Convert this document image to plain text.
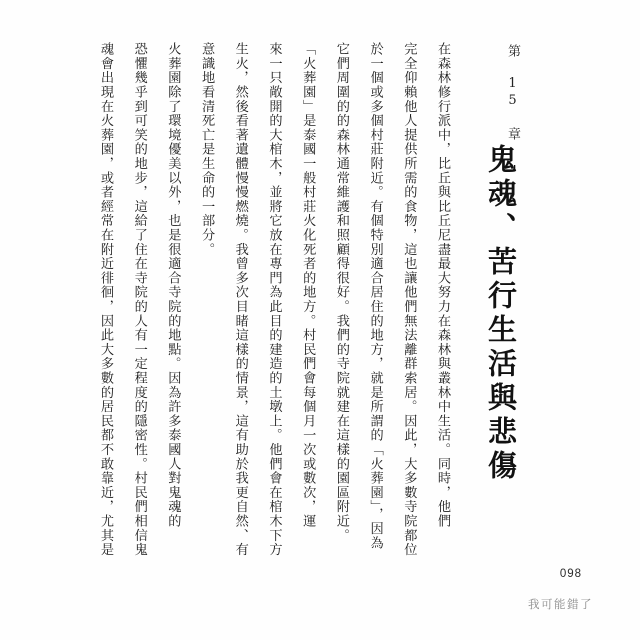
第 15 章
鬼魂、苦行生活與悲傷
在森林修行派中，比丘與比丘尼盡最大努力在森林與叢林中生活。同時，他們
完全仰賴他人提供所需的食物，這也讓他們無法離群索居。因此，大多數寺院都位
於一個或多個村莊附近。有個特別適合居住的地方，就是所謂的「火葬園」，因為
它們周圍的的森林通常維護和照顧得很好。我們的寺院就建在這樣的園區附近。
「火葬園」是泰國一般村莊火化死者的地方。村民們會每個月一次或數次，運
來一只敞開的大棺木，並將它放在專門為此目的建造的土墩上。他們會在棺木下方
生火，然後看著遺體慢慢燃燒。我曾多次目睹這樣的情景，這有助於我更自然、有
意識地看清死亡是生命的一部分。
火葬園除了環境優美以外，也是很適合寺院的地點。因為許多泰國人對鬼魂的
恐懼幾乎到可笑的地步，這給了住在寺院的人有一定程度的隱密性。村民們相信鬼
魂會出現在火葬園，或者經常在附近徘徊，因此大多數的居民都不敢靠近，尤其是
098
我可能錯了
